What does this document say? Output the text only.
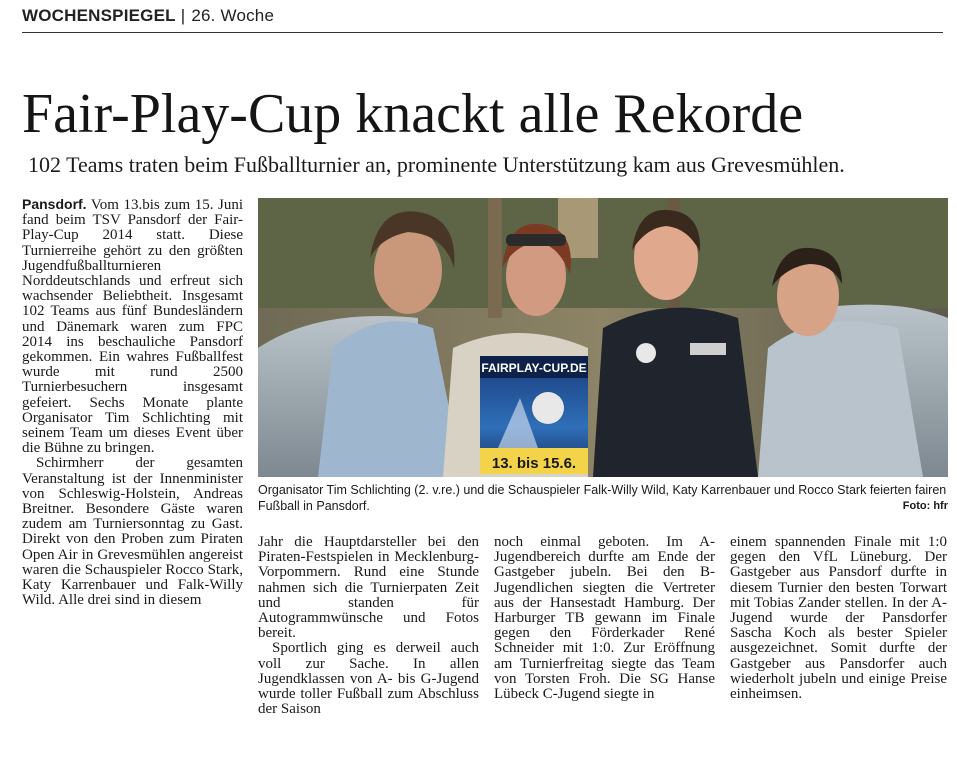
WOCHENSPIEGEL | 26. Woche
Fair-Play-Cup knackt alle Rekorde
102 Teams traten beim Fußballturnier an, prominente Unterstützung kam aus Grevesmühlen.

Pansdorf. Vom 13.bis zum 15. Juni fand beim TSV Pansdorf der Fair-Play-Cup 2014 statt. Diese Turnierreihe gehört zu den größten Jugendfußballturnieren Norddeutschlands und erfreut sich wachsender Beliebtheit. Insgesamt 102 Teams aus fünf Bundesländern und Dänemark waren zum FPC 2014 ins beschauliche Pansdorf gekommen. Ein wahres Fußballfest wurde mit rund 2500 Turnierbesuchern insgesamt gefeiert. Sechs Monate plante Organisator Tim Schlichting mit seinem Team um dieses Event über die Bühne zu bringen.

Schirmherr der gesamten Veranstaltung ist der Innenminister von Schleswig-Holstein, Andreas Breitner. Besondere Gäste waren zudem am Turniersonntag zu Gast. Direkt von den Proben zum Piraten Open Air in Grevesmühlen angereist waren die Schauspieler Rocco Stark, Katy Karrenbauer und Falk-Willy Wild. Alle drei sind in diesem

FAIRPLAY-CUP.DE
13. bis 15.6.
Organisator Tim Schlichting (2. v.re.) und die Schauspieler Falk-Willy Wild, Katy Karrenbauer und Rocco Stark feierten fairen Fußball in Pansdorf.	Foto: hfr

Jahr die Hauptdarsteller bei den Piraten-Festspielen in Mecklenburg-Vorpommern. Rund eine Stunde nahmen sich die Turnierpaten Zeit und standen für Autogrammwünsche und Fotos bereit.

Sportlich ging es derweil auch voll zur Sache. In allen Jugendklassen von A- bis G-Jugend wurde toller Fußball zum Abschluss der Saison

noch einmal geboten. Im A-Jugendbereich durfte am Ende der Gastgeber jubeln. Bei den B-Jugendlichen siegten die Vertreter aus der Hansestadt Hamburg. Der Harburger TB gewann im Finale gegen den Förderkader René Schneider mit 1:0. Zur Eröffnung am Turnierfreitag siegte das Team von Torsten Froh. Die SG Hanse Lübeck C-Jugend siegte in

einem spannenden Finale mit 1:0 gegen den VfL Lüneburg. Der Gastgeber aus Pansdorf durfte in diesem Turnier den besten Torwart mit Tobias Zander stellen. In der A-Jugend wurde der Pansdorfer Sascha Koch als bester Spieler ausgezeichnet. Somit durfte der Gastgeber aus Pansdorfer auch wiederholt jubeln und einige Preise einheimsen.
